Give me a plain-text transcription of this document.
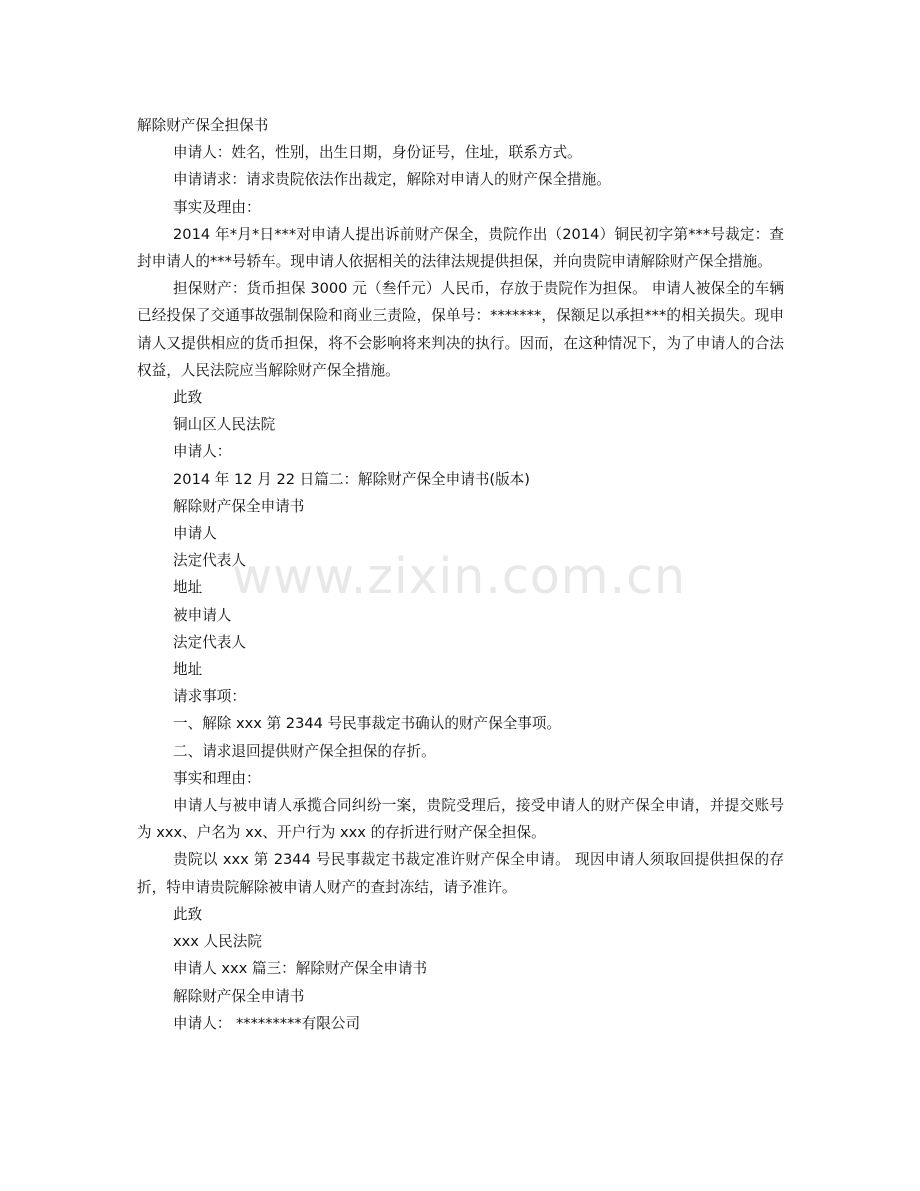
解除财产保全担保书

申请人：姓名，性别，出生日期，身份证号，住址，联系方式。

申请请求：请求贵院依法作出裁定，解除对申请人的财产保全措施。

事实及理由：

2014 年*月*日***对申请人提出诉前财产保全，贵院作出（2014）铜民初字第***号裁定：查封申请人的***号轿车。现申请人依据相关的法律法规提供担保，并向贵院申请解除财产保全措施。

担保财产：货币担保 3000 元（叁仟元）人民币，存放于贵院作为担保。 申请人被保全的车辆已经投保了交通事故强制保险和商业三责险，保单号：*******，保额足以承担***的相关损失。现申请人又提供相应的货币担保，将不会影响将来判决的执行。因而，在这种情况下，为了申请人的合法权益，人民法院应当解除财产保全措施。

此致

铜山区人民法院

申请人：

2014 年 12 月 22 日篇二：解除财产保全申请书(版本)

解除财产保全申请书

申请人

法定代表人

地址

被申请人

法定代表人

地址

请求事项：

一、解除 xxx 第 2344 号民事裁定书确认的财产保全事项。

二、请求退回提供财产保全担保的存折。

事实和理由：

申请人与被申请人承揽合同纠纷一案，贵院受理后，接受申请人的财产保全申请，并提交账号为 xxx、户名为 xx、开户行为 xxx 的存折进行财产保全担保。

贵院以 xxx 第 2344 号民事裁定书裁定准许财产保全申请。 现因申请人须取回提供担保的存折，特申请贵院解除被申请人财产的查封冻结，请予准许。

此致

xxx 人民法院

申请人 xxx 篇三：解除财产保全申请书

解除财产保全申请书

申请人： *********有限公司

www.zixin.com.cn
